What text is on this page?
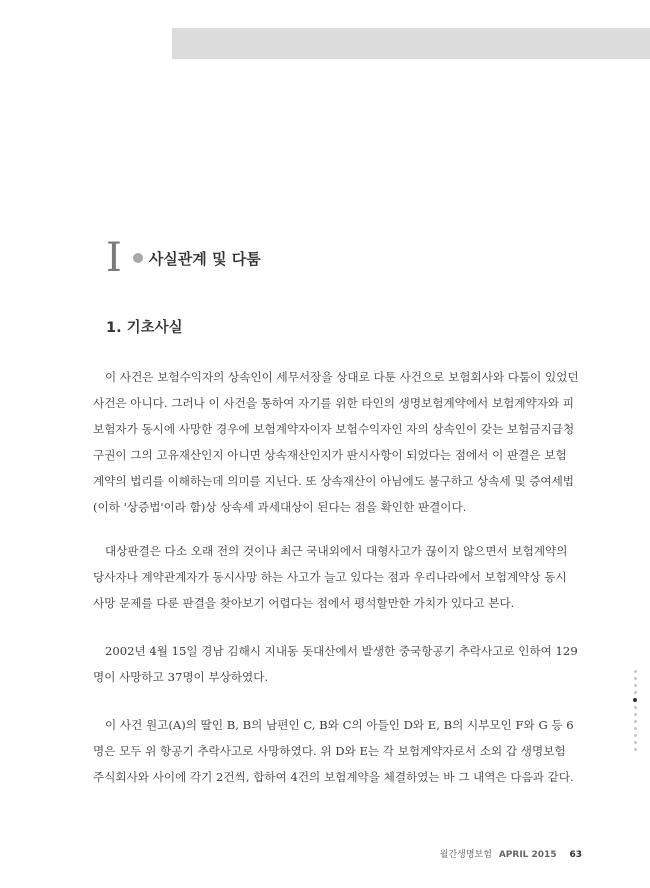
I 사실관계 및 다툼
1. 기초사실

이 사건은 보험수익자의 상속인이 세무서장을 상대로 다툰 사건으로 보험회사와 다툼이 있었던
사건은 아니다. 그러나 이 사건을 통하여 자기를 위한 타인의 생명보험계약에서 보험계약자와 피
보험자가 동시에 사망한 경우에 보험계약자이자 보험수익자인 자의 상속인이 갖는 보험금지급청
구권이 그의 고유재산인지 아니면 상속재산인지가 판시사항이 되었다는 점에서 이 판결은 보험
계약의 법리를 이해하는데 의미를 지닌다. 또 상속재산이 아님에도 불구하고 상속세 및 증여세법
(이하 '상증법'이라 함)상 상속세 과세대상이 된다는 점을 확인한 판결이다.

대상판결은 다소 오래 전의 것이나 최근 국내외에서 대형사고가 끊이지 않으면서 보험계약의
당사자나 계약관계자가 동시사망 하는 사고가 늘고 있다는 점과 우리나라에서 보험계약상 동시
사망 문제를 다룬 판결을 찾아보기 어렵다는 점에서 평석할만한 가치가 있다고 본다.

2002년 4월 15일 경남 김해시 지내동 돗대산에서 발생한 중국항공기 추락사고로 인하여 129
명이 사망하고 37명이 부상하였다.

이 사건 원고(A)의 딸인 B, B의 남편인 C, B와 C의 아들인 D와 E, B의 시부모인 F와 G 등 6
명은 모두 위 항공기 추락사고로 사망하였다. 위 D와 E는 각 보험계약자로서 소외 갑 생명보험
주식회사와 사이에 각기 2건씩, 합하여 4건의 보험계약을 체결하였는 바 그 내역은 다음과 같다.

월간생명보험 APRIL 2015 63
